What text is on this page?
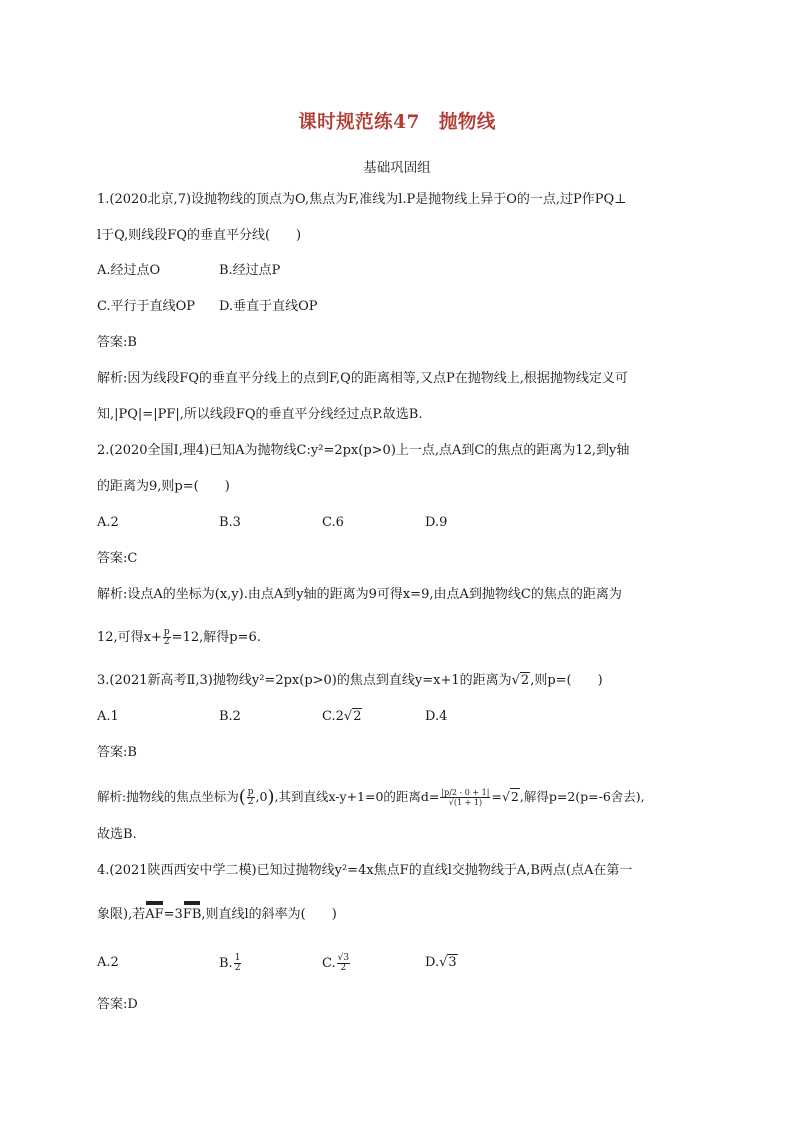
课时规范练47　抛物线
基础巩固组
1.(2020北京,7)设抛物线的顶点为O,焦点为F,准线为l.P是抛物线上异于O的一点,过P作PQ⊥
l于Q,则线段FQ的垂直平分线(　　)
A.经过点O	B.经过点P
C.平行于直线OP D.垂直于直线OP
答案:B
解析:因为线段FQ的垂直平分线上的点到F,Q的距离相等,又点P在抛物线上,根据抛物线定义可
知,|PQ|=|PF|,所以线段FQ的垂直平分线经过点P.故选B.
2.(2020全国Ⅰ,理4)已知A为抛物线C:y²=2px(p>0)上一点,点A到C的焦点的距离为12,到y轴
的距离为9,则p=(　　)
A.2	B.3	C.6	D.9
答案:C
解析:设点A的坐标为(x,y).由点A到y轴的距离为9可得x=9,由点A到抛物线C的焦点的距离为
12,可得$x+ \frac{p}{2} =12$,解得p=6.
3.(2021新高考Ⅱ,3)抛物线y²=2px(p>0)的焦点到直线y=x+1的距离为√2,则p=(　　)
A.1	B.2	C.2√2	D.4
答案:B
解析:抛物线的焦点坐标为( $\frac{p}{2} ,0$),其到直线x-y+1=0的距离$d= \frac{|p/2 - 0 + 1|}{√(1 + 1)} =√2$,解得p=2(p=-6舍去),
故选B.
4.(2021陕西西安中学二模)已知过抛物线y²=4x焦点F的直线l交抛物线于A,B两点(点A在第一
象限),若
AF=3
FB,则直线l的斜率为(　　)
A.2	B. $\frac{1}{2}$	C. $\frac{√3}{2}$	D.√3
答案:D
